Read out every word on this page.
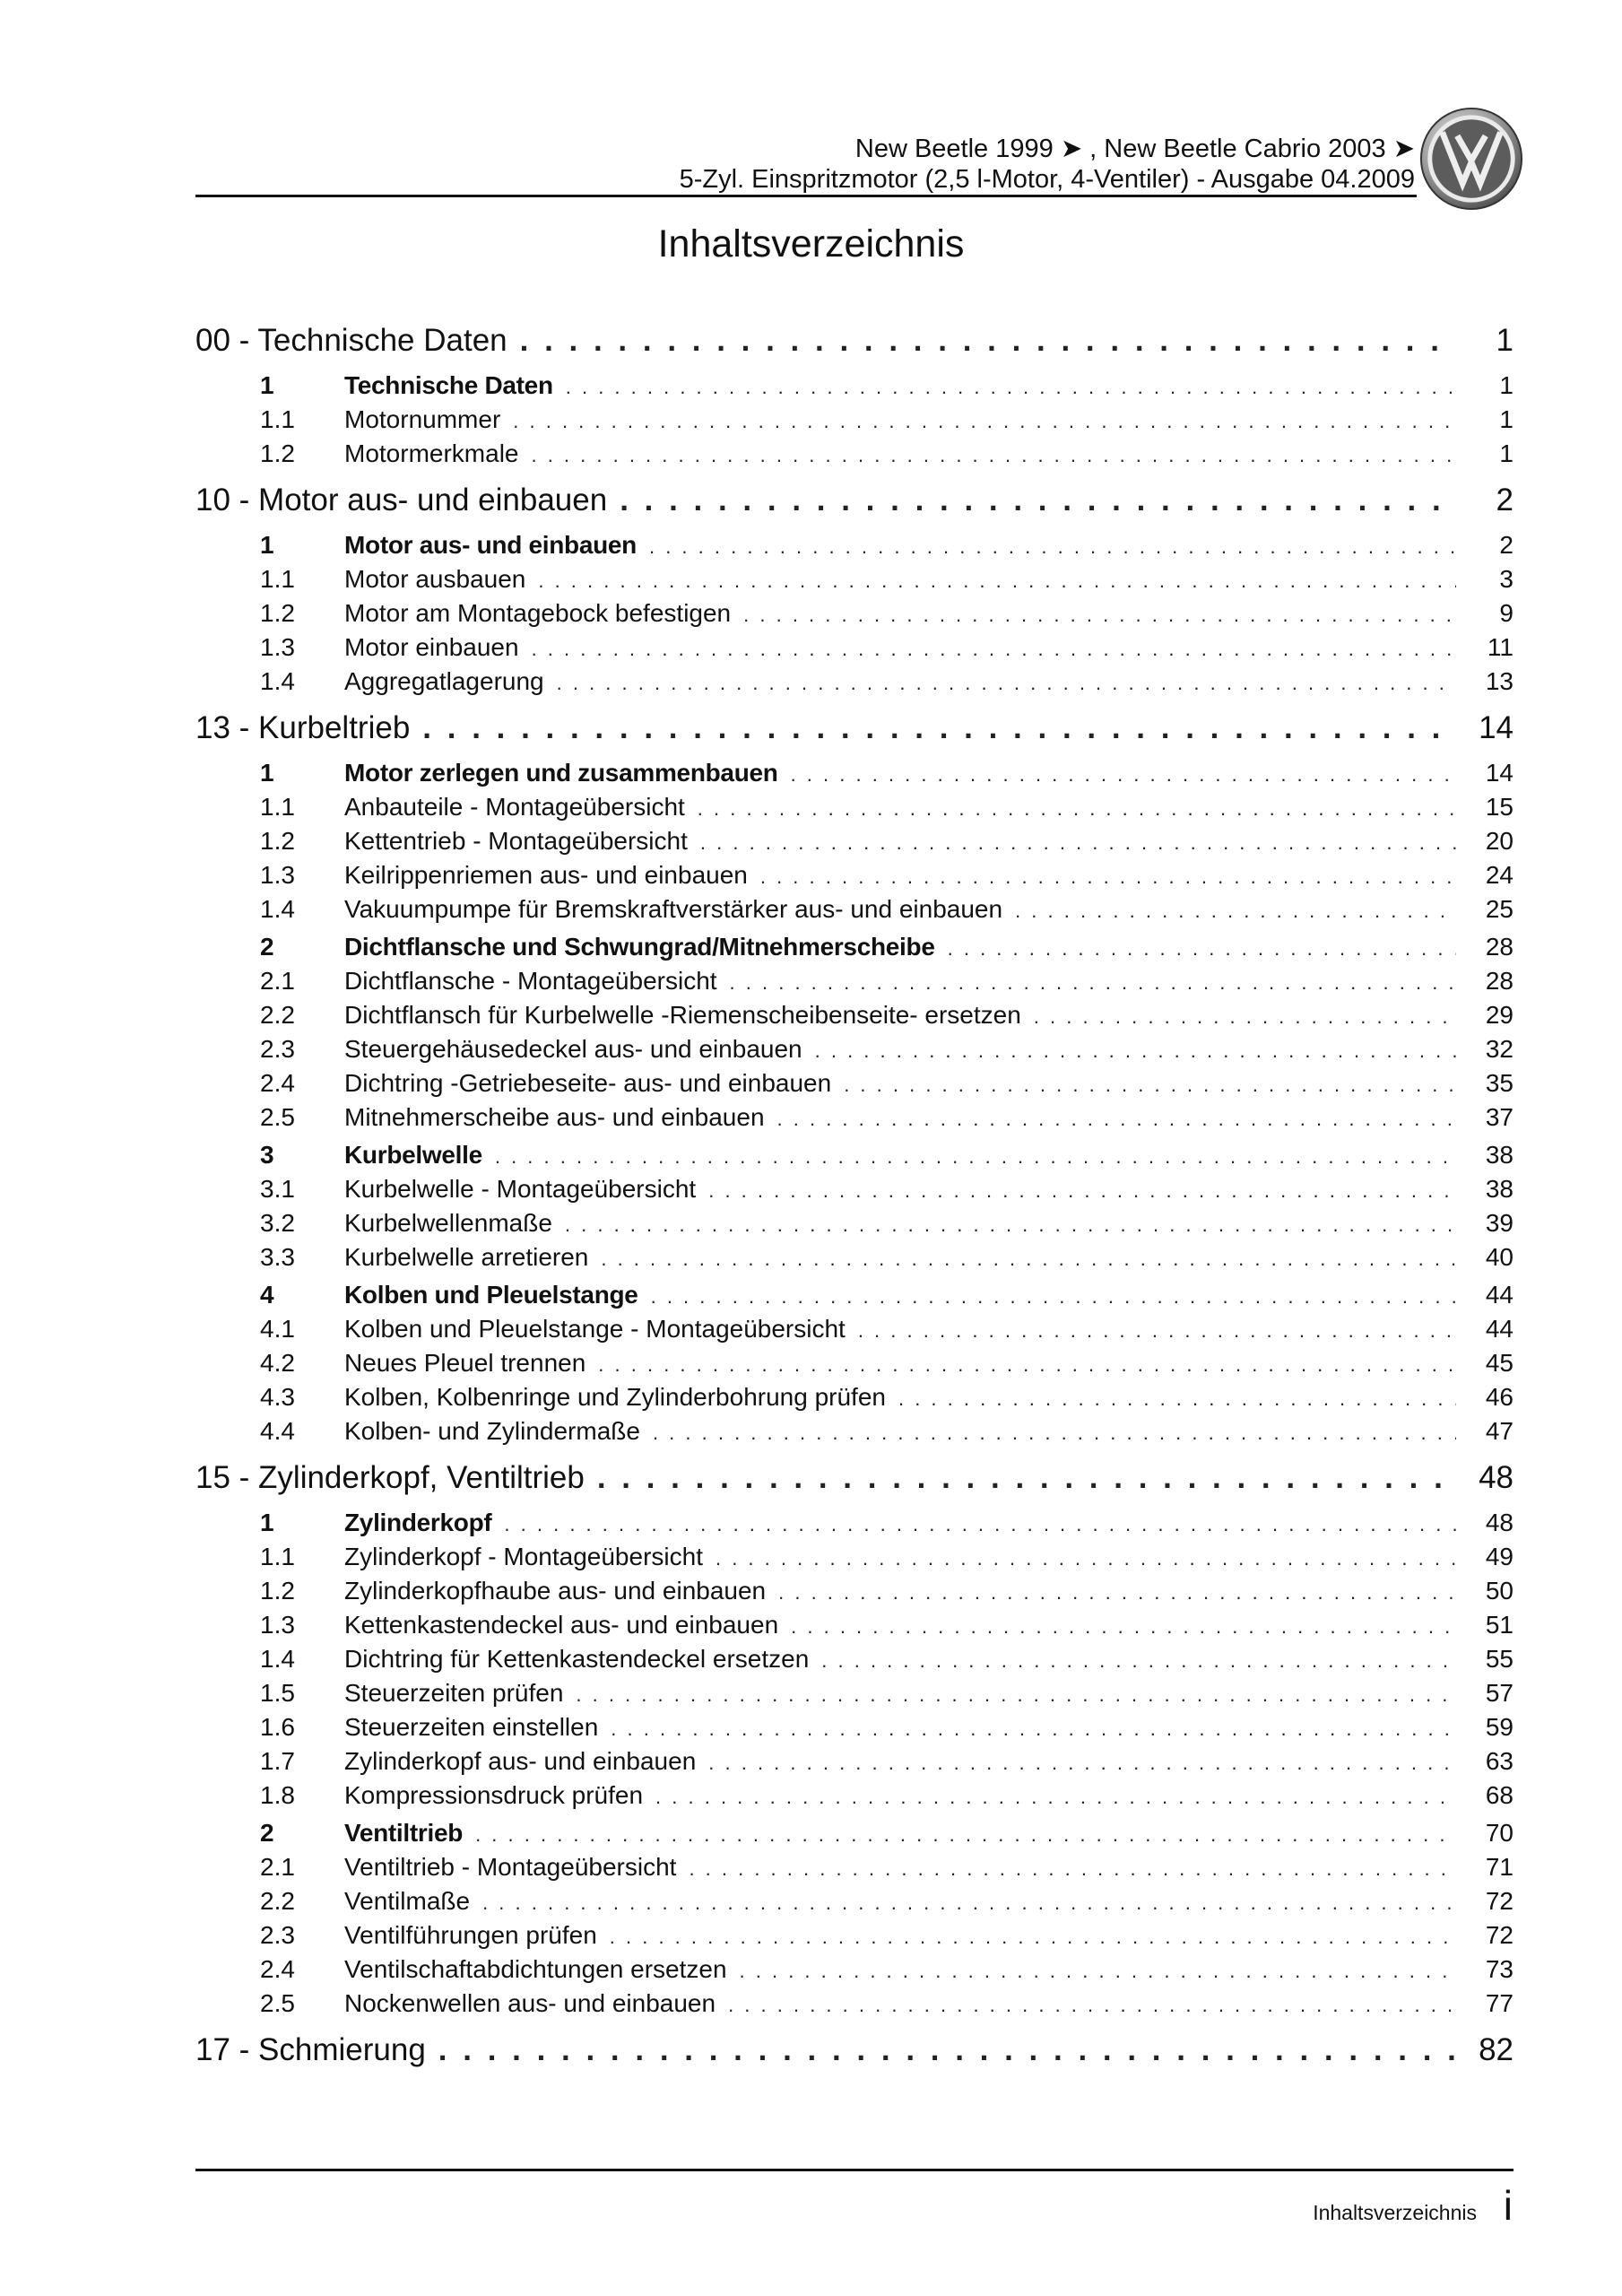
New Beetle 1999 ➤ , New Beetle Cabrio 2003 ➤
5-Zyl. Einspritzmotor (2,5 l-Motor, 4-Ventiler) - Ausgabe 04.2009
Inhaltsverzeichnis
00 - Technische Daten . . .	1
1	Technische Daten . . .	1
1.1 Motornummer . . .	1
1.2 Motormerkmale . . .	1
10 - Motor aus- und einbauen . . .	2
1	Motor aus- und einbauen . . .	2
1.1 Motor ausbauen . . .	3
1.2 Motor am Montagebock befestigen . . .	9
1.3 Motor einbauen . . .	11
1.4 Aggregatlagerung . . .	13
13 - Kurbeltrieb . . .	14
1	Motor zerlegen und zusammenbauen . . .	14
1.1 Anbauteile - Montageübersicht . . .	15
1.2 Kettentrieb - Montageübersicht . . .	20
1.3 Keilrippenriemen aus- und einbauen . . .	24
1.4 Vakuumpumpe für Bremskraftverstärker aus- und einbauen . . .	25
2	Dichtflansche und Schwungrad/Mitnehmerscheibe . . .	28
2.1 Dichtflansche - Montageübersicht . . .	28
2.2 Dichtflansch für Kurbelwelle -Riemenscheibenseite- ersetzen . . .	29
2.3 Steuergehäusedeckel aus- und einbauen . . .	32
2.4 Dichtring -Getriebeseite- aus- und einbauen . . .	35
2.5 Mitnehmerscheibe aus- und einbauen . . .	37
3	Kurbelwelle . . .	38
3.1 Kurbelwelle - Montageübersicht . . .	38
3.2 Kurbelwellenmaße . . .	39
3.3 Kurbelwelle arretieren . . .	40
4	Kolben und Pleuelstange . . .	44
4.1 Kolben und Pleuelstange - Montageübersicht . . .	44
4.2 Neues Pleuel trennen . . .	45
4.3 Kolben, Kolbenringe und Zylinderbohrung prüfen . . .	46
4.4 Kolben- und Zylindermaße . . .	47
15 - Zylinderkopf, Ventiltrieb . . .	48
1	Zylinderkopf . . .	48
1.1 Zylinderkopf - Montageübersicht . . .	49
1.2 Zylinderkopfhaube aus- und einbauen . . .	50
1.3 Kettenkastendeckel aus- und einbauen . . .	51
1.4 Dichtring für Kettenkastendeckel ersetzen . . .	55
1.5 Steuerzeiten prüfen . . .	57
1.6 Steuerzeiten einstellen . . .	59
1.7 Zylinderkopf aus- und einbauen . . .	63
1.8 Kompressionsdruck prüfen . . .	68
2	Ventiltrieb . . .	70
2.1 Ventiltrieb - Montageübersicht . . .	71
2.2 Ventilmaße . . .	72
2.3 Ventilführungen prüfen . . .	72
2.4 Ventilschaftabdichtungen ersetzen . . .	73
2.5 Nockenwellen aus- und einbauen . . .	77
17 - Schmierung . . .	82
Inhaltsverzeichnis i
